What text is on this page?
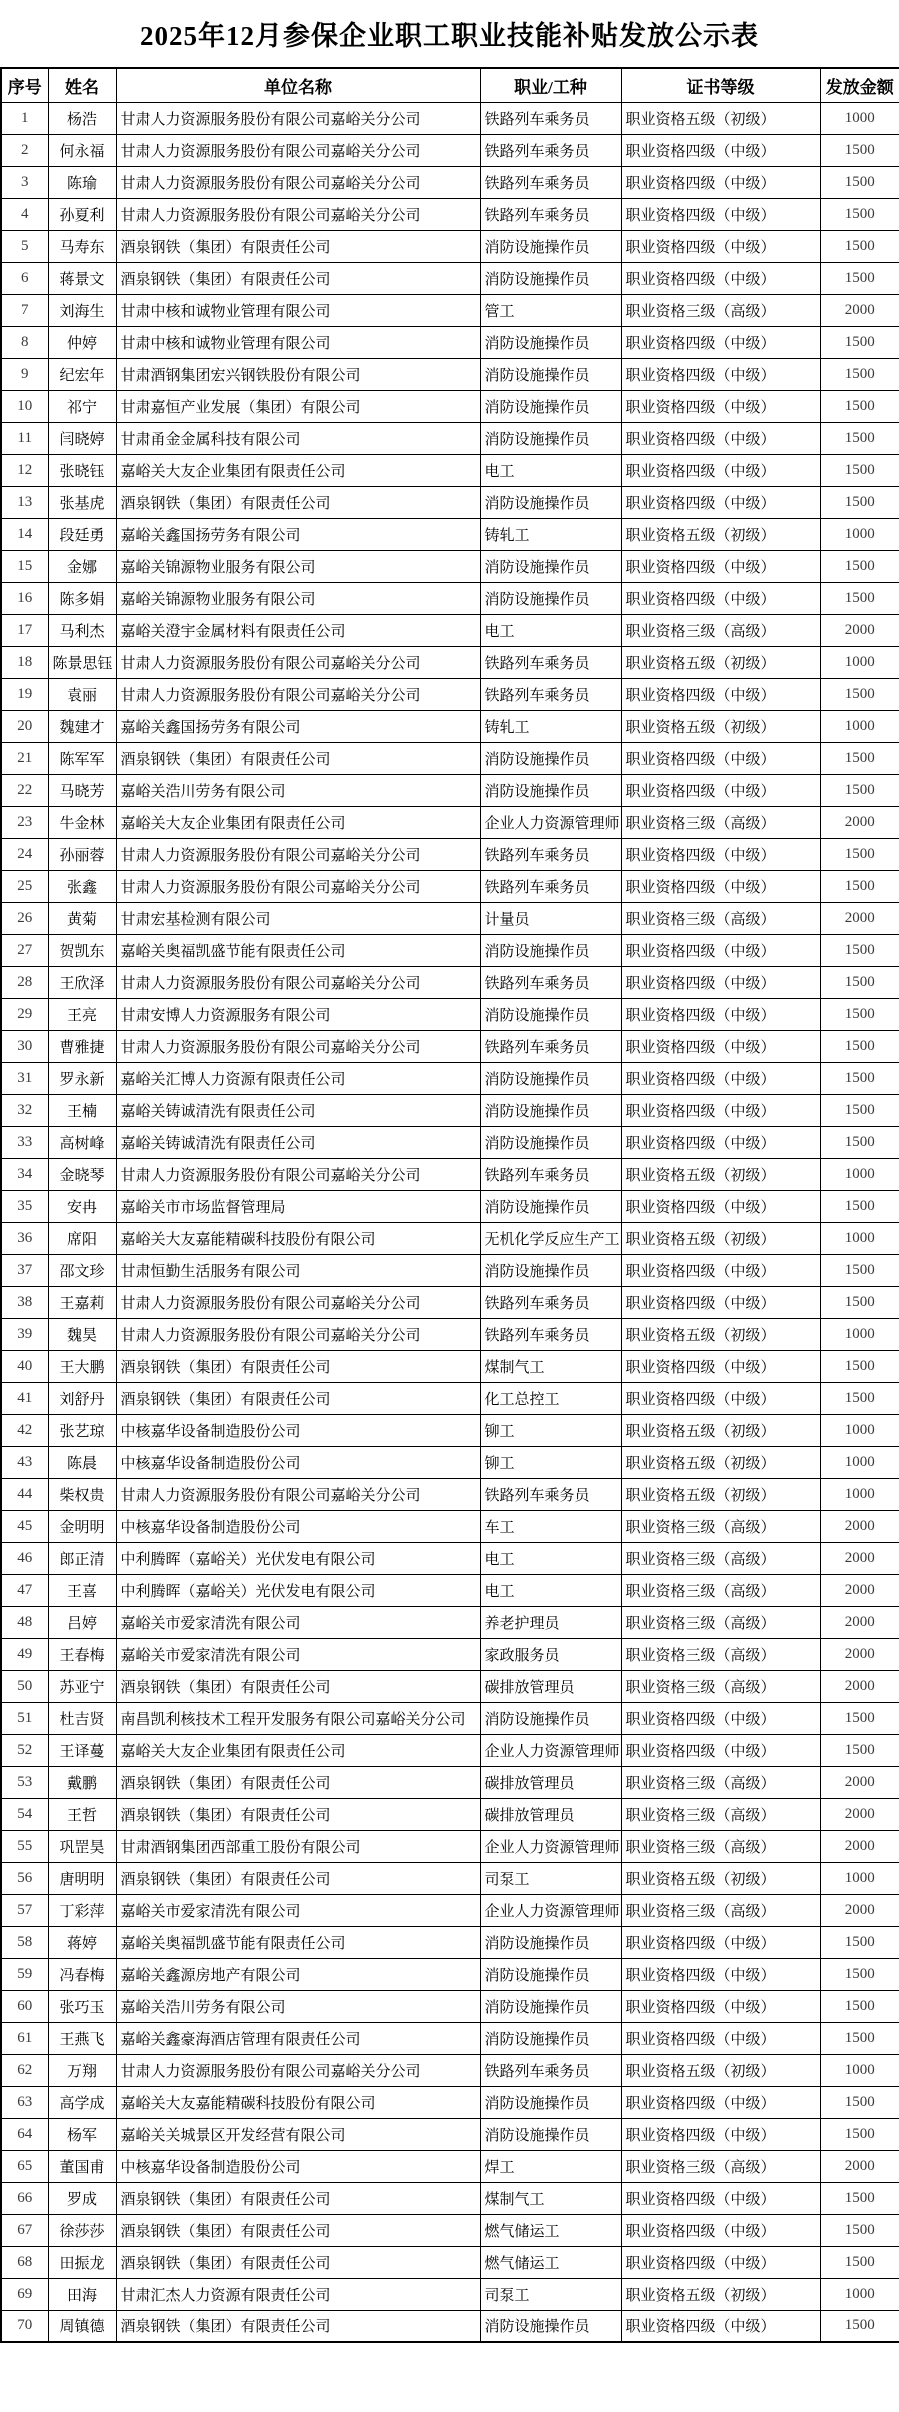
2025年12月参保企业职工职业技能补贴发放公示表
序号	姓名	单位名称	职业/工种	证书等级	发放金额
1	杨浩	甘肃人力资源服务股份有限公司嘉峪关分公司	铁路列车乘务员	职业资格五级（初级）	1000
2	何永福	甘肃人力资源服务股份有限公司嘉峪关分公司	铁路列车乘务员	职业资格四级（中级）	1500
3	陈瑜	甘肃人力资源服务股份有限公司嘉峪关分公司	铁路列车乘务员	职业资格四级（中级）	1500
4	孙夏利	甘肃人力资源服务股份有限公司嘉峪关分公司	铁路列车乘务员	职业资格四级（中级）	1500
5	马寿东	酒泉钢铁（集团）有限责任公司	消防设施操作员	职业资格四级（中级）	1500
6	蒋景文	酒泉钢铁（集团）有限责任公司	消防设施操作员	职业资格四级（中级）	1500
7	刘海生	甘肃中核和诚物业管理有限公司	管工	职业资格三级（高级）	2000
8	仲婷	甘肃中核和诚物业管理有限公司	消防设施操作员	职业资格四级（中级）	1500
9	纪宏年	甘肃酒钢集团宏兴钢铁股份有限公司	消防设施操作员	职业资格四级（中级）	1500
10	祁宁	甘肃嘉恒产业发展（集团）有限公司	消防设施操作员	职业资格四级（中级）	1500
11	闫晓婷	甘肃甬金金属科技有限公司	消防设施操作员	职业资格四级（中级）	1500
12	张晓钰	嘉峪关大友企业集团有限责任公司	电工	职业资格四级（中级）	1500
13	张基虎	酒泉钢铁（集团）有限责任公司	消防设施操作员	职业资格四级（中级）	1500
14	段廷勇	嘉峪关鑫国扬劳务有限公司	铸轧工	职业资格五级（初级）	1000
15	金娜	嘉峪关锦源物业服务有限公司	消防设施操作员	职业资格四级（中级）	1500
16	陈多娟	嘉峪关锦源物业服务有限公司	消防设施操作员	职业资格四级（中级）	1500
17	马利杰	嘉峪关澄宇金属材料有限责任公司	电工	职业资格三级（高级）	2000
18	陈景思钰	甘肃人力资源服务股份有限公司嘉峪关分公司	铁路列车乘务员	职业资格五级（初级）	1000
19	袁丽	甘肃人力资源服务股份有限公司嘉峪关分公司	铁路列车乘务员	职业资格四级（中级）	1500
20	魏建才	嘉峪关鑫国扬劳务有限公司	铸轧工	职业资格五级（初级）	1000
21	陈军军	酒泉钢铁（集团）有限责任公司	消防设施操作员	职业资格四级（中级）	1500
22	马晓芳	嘉峪关浩川劳务有限公司	消防设施操作员	职业资格四级（中级）	1500
23	牛金林	嘉峪关大友企业集团有限责任公司	企业人力资源管理师	职业资格三级（高级）	2000
24	孙丽蓉	甘肃人力资源服务股份有限公司嘉峪关分公司	铁路列车乘务员	职业资格四级（中级）	1500
25	张鑫	甘肃人力资源服务股份有限公司嘉峪关分公司	铁路列车乘务员	职业资格四级（中级）	1500
26	黄菊	甘肃宏基检测有限公司	计量员	职业资格三级（高级）	2000
27	贺凯东	嘉峪关奥福凯盛节能有限责任公司	消防设施操作员	职业资格四级（中级）	1500
28	王欣泽	甘肃人力资源服务股份有限公司嘉峪关分公司	铁路列车乘务员	职业资格四级（中级）	1500
29	王亮	甘肃安博人力资源服务有限公司	消防设施操作员	职业资格四级（中级）	1500
30	曹雅捷	甘肃人力资源服务股份有限公司嘉峪关分公司	铁路列车乘务员	职业资格四级（中级）	1500
31	罗永新	嘉峪关汇博人力资源有限责任公司	消防设施操作员	职业资格四级（中级）	1500
32	王楠	嘉峪关铸诚清洗有限责任公司	消防设施操作员	职业资格四级（中级）	1500
33	高树峰	嘉峪关铸诚清洗有限责任公司	消防设施操作员	职业资格四级（中级）	1500
34	金晓琴	甘肃人力资源服务股份有限公司嘉峪关分公司	铁路列车乘务员	职业资格五级（初级）	1000
35	安冉	嘉峪关市市场监督管理局	消防设施操作员	职业资格四级（中级）	1500
36	席阳	嘉峪关大友嘉能精碳科技股份有限公司	无机化学反应生产工	职业资格五级（初级）	1000
37	邵文珍	甘肃恒勤生活服务有限公司	消防设施操作员	职业资格四级（中级）	1500
38	王嘉莉	甘肃人力资源服务股份有限公司嘉峪关分公司	铁路列车乘务员	职业资格四级（中级）	1500
39	魏昊	甘肃人力资源服务股份有限公司嘉峪关分公司	铁路列车乘务员	职业资格五级（初级）	1000
40	王大鹏	酒泉钢铁（集团）有限责任公司	煤制气工	职业资格四级（中级）	1500
41	刘舒丹	酒泉钢铁（集团）有限责任公司	化工总控工	职业资格四级（中级）	1500
42	张艺琼	中核嘉华设备制造股份公司	铆工	职业资格五级（初级）	1000
43	陈晨	中核嘉华设备制造股份公司	铆工	职业资格五级（初级）	1000
44	柴权贵	甘肃人力资源服务股份有限公司嘉峪关分公司	铁路列车乘务员	职业资格五级（初级）	1000
45	金明明	中核嘉华设备制造股份公司	车工	职业资格三级（高级）	2000
46	郎正清	中利腾晖（嘉峪关）光伏发电有限公司	电工	职业资格三级（高级）	2000
47	王喜	中利腾晖（嘉峪关）光伏发电有限公司	电工	职业资格三级（高级）	2000
48	吕婷	嘉峪关市爱家清洗有限公司	养老护理员	职业资格三级（高级）	2000
49	王春梅	嘉峪关市爱家清洗有限公司	家政服务员	职业资格三级（高级）	2000
50	苏亚宁	酒泉钢铁（集团）有限责任公司	碳排放管理员	职业资格三级（高级）	2000
51	杜吉贤	南昌凯利核技术工程开发服务有限公司嘉峪关分公司	消防设施操作员	职业资格四级（中级）	1500
52	王译蔓	嘉峪关大友企业集团有限责任公司	企业人力资源管理师	职业资格四级（中级）	1500
53	戴鹏	酒泉钢铁（集团）有限责任公司	碳排放管理员	职业资格三级（高级）	2000
54	王哲	酒泉钢铁（集团）有限责任公司	碳排放管理员	职业资格三级（高级）	2000
55	巩罡昊	甘肃酒钢集团西部重工股份有限公司	企业人力资源管理师	职业资格三级（高级）	2000
56	唐明明	酒泉钢铁（集团）有限责任公司	司泵工	职业资格五级（初级）	1000
57	丁彩萍	嘉峪关市爱家清洗有限公司	企业人力资源管理师	职业资格三级（高级）	2000
58	蒋婷	嘉峪关奥福凯盛节能有限责任公司	消防设施操作员	职业资格四级（中级）	1500
59	冯春梅	嘉峪关鑫源房地产有限公司	消防设施操作员	职业资格四级（中级）	1500
60	张巧玉	嘉峪关浩川劳务有限公司	消防设施操作员	职业资格四级（中级）	1500
61	王燕飞	嘉峪关鑫豪海酒店管理有限责任公司	消防设施操作员	职业资格四级（中级）	1500
62	万翔	甘肃人力资源服务股份有限公司嘉峪关分公司	铁路列车乘务员	职业资格五级（初级）	1000
63	高学成	嘉峪关大友嘉能精碳科技股份有限公司	消防设施操作员	职业资格四级（中级）	1500
64	杨军	嘉峪关关城景区开发经营有限公司	消防设施操作员	职业资格四级（中级）	1500
65	董国甫	中核嘉华设备制造股份公司	焊工	职业资格三级（高级）	2000
66	罗成	酒泉钢铁（集团）有限责任公司	煤制气工	职业资格四级（中级）	1500
67	徐莎莎	酒泉钢铁（集团）有限责任公司	燃气储运工	职业资格四级（中级）	1500
68	田振龙	酒泉钢铁（集团）有限责任公司	燃气储运工	职业资格四级（中级）	1500
69	田海	甘肃汇杰人力资源有限责任公司	司泵工	职业资格五级（初级）	1000
70	周镇德	酒泉钢铁（集团）有限责任公司	消防设施操作员	职业资格四级（中级）	1500
